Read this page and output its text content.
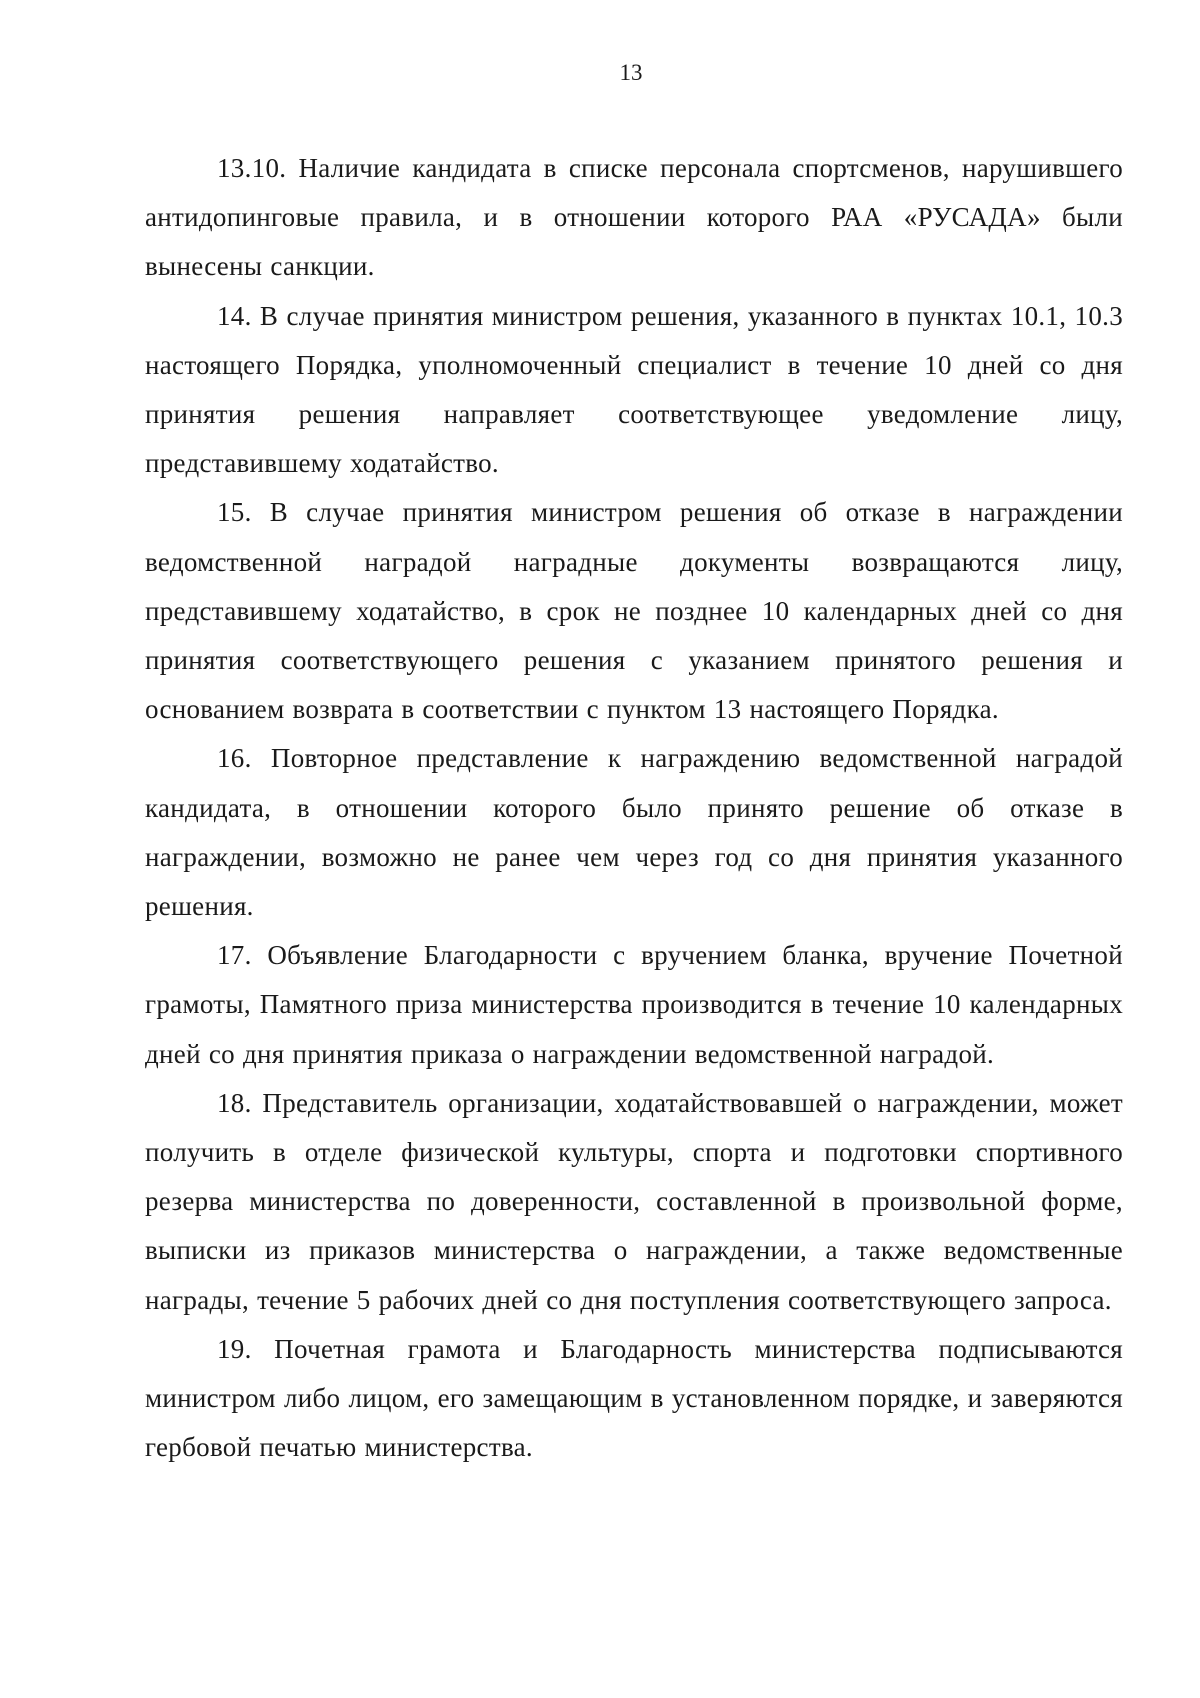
13

13.10. Наличие кандидата в списке персонала спортсменов, нарушившего антидопинговые правила, и в отношении которого РАА «РУСАДА» были вынесены санкции.

14. В случае принятия министром решения, указанного в пунктах 10.1, 10.3 настоящего Порядка, уполномоченный специалист в течение 10 дней со дня принятия решения направляет соответствующее уведомление лицу, представившему ходатайство.

15. В случае принятия министром решения об отказе в награждении ведомственной наградой наградные документы возвращаются лицу, представившему ходатайство, в срок не позднее 10 календарных дней со дня принятия соответствующего решения с указанием принятого решения и основанием возврата в соответствии с пунктом 13 настоящего Порядка.

16. Повторное представление к награждению ведомственной наградой кандидата, в отношении которого было принято решение об отказе в награждении, возможно не ранее чем через год со дня принятия указанного решения.

17. Объявление Благодарности с вручением бланка, вручение Почетной грамоты, Памятного приза министерства производится в течение 10 календарных дней со дня принятия приказа о награждении ведомственной наградой.

18. Представитель организации, ходатайствовавшей о награждении, может получить в отделе физической культуры, спорта и подготовки спортивного резерва министерства по доверенности, составленной в произвольной форме, выписки из приказов министерства о награждении, а также ведомственные награды, течение 5 рабочих дней со дня поступления соответствующего запроса.

19. Почетная грамота и Благодарность министерства подписываются министром либо лицом, его замещающим в установленном порядке, и заверяются гербовой печатью министерства.
